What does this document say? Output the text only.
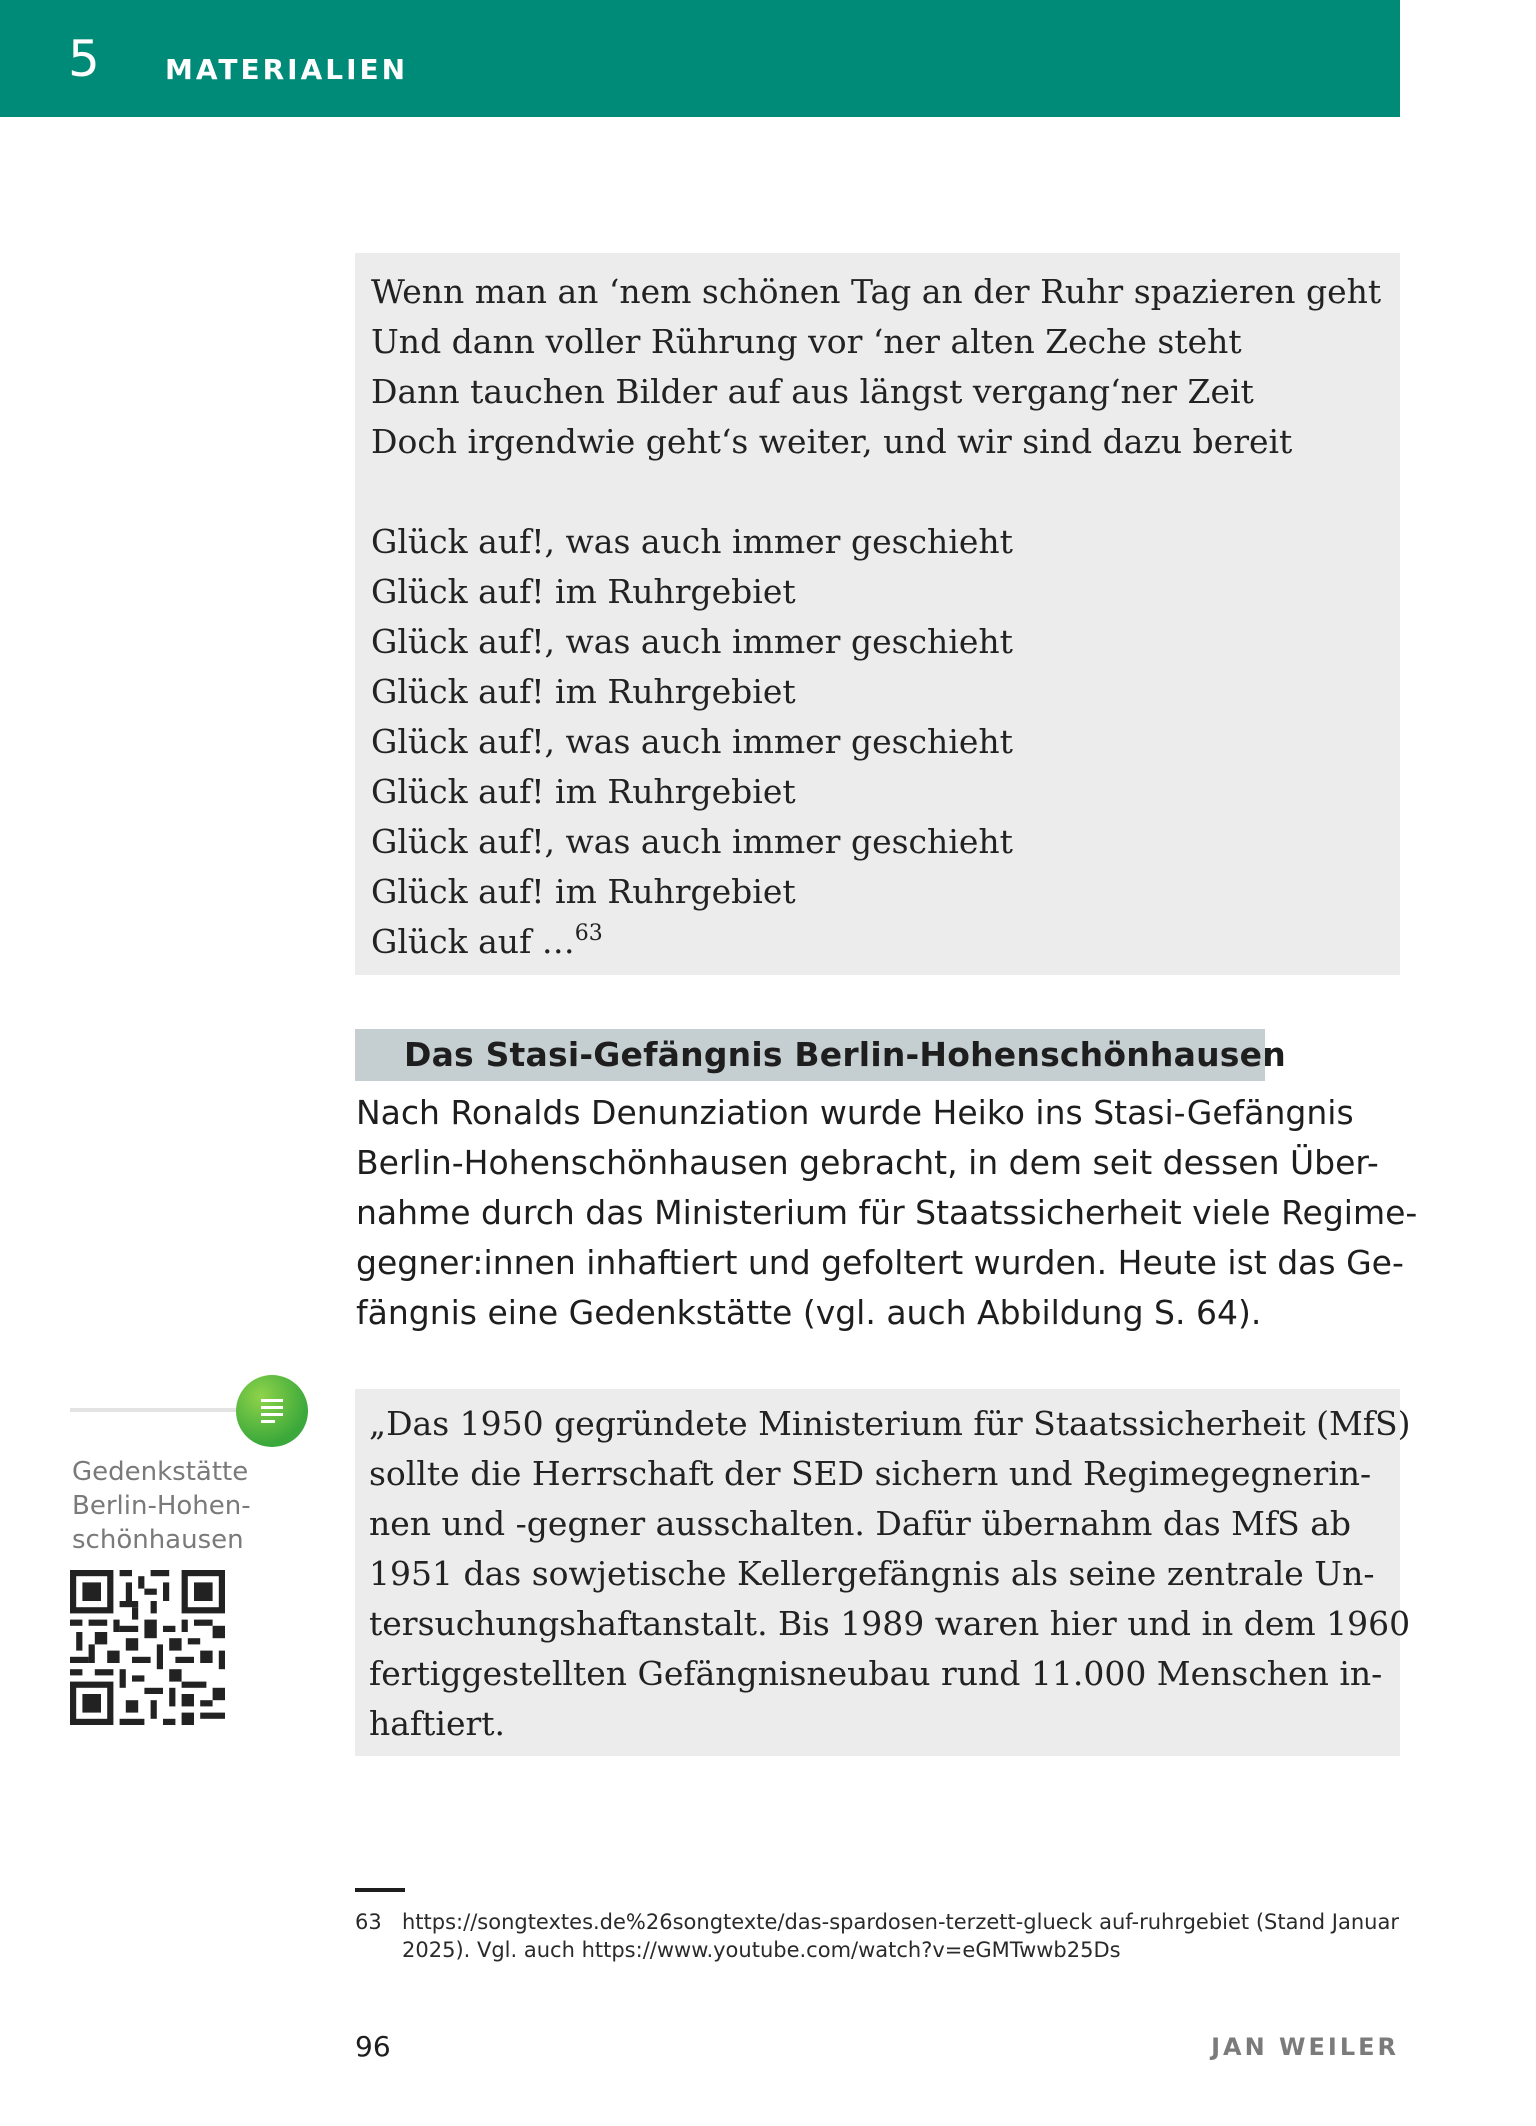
5 MATERIALIEN
Wenn man an ‘nem schönen Tag an der Ruhr spazieren geht
Und dann voller Rührung vor ‘ner alten Zeche steht
Dann tauchen Bilder auf aus längst vergang‘ner Zeit
Doch irgendwie geht‘s weiter, und wir sind dazu bereit
Glück auf!, was auch immer geschieht
Glück auf! im Ruhrgebiet
Glück auf!, was auch immer geschieht
Glück auf! im Ruhrgebiet
Glück auf!, was auch immer geschieht
Glück auf! im Ruhrgebiet
Glück auf!, was auch immer geschieht
Glück auf! im Ruhrgebiet
Glück auf …$^{63}$
Das Stasi-Gefängnis Berlin-Hohenschönhausen
Nach Ronalds Denunziation wurde Heiko ins Stasi-Gefängnis
Berlin-Hohenschönhausen gebracht, in dem seit dessen Über-
nahme durch das Ministerium für Staatssicherheit viele Regime-
gegner:innen inhaftiert und gefoltert wurden. Heute ist das Ge-
fängnis eine Gedenkstätte (vgl. auch Abbildung S. 64).
Gedenkstätte
Berlin-Hohen-
schönhausen
„Das 1950 gegründete Ministerium für Staatssicherheit (MfS)
sollte die Herrschaft der SED sichern und Regimegegnerin-
nen und -gegner ausschalten. Dafür übernahm das MfS ab
1951 das sowjetische Kellergefängnis als seine zentrale Un-
tersuchungshaftanstalt. Bis 1989 waren hier und in dem 1960
fertiggestellten Gefängnisneubau rund 11.000 Menschen in-
haftiert.
63 https://songtextes.de%26songtexte/das-spardosen-terzett-glueck auf-ruhrgebiet (Stand Januar
2025). Vgl. auch https://www.youtube.com/watch?v=eGMTwwb25Ds
96	JAN WEILER
